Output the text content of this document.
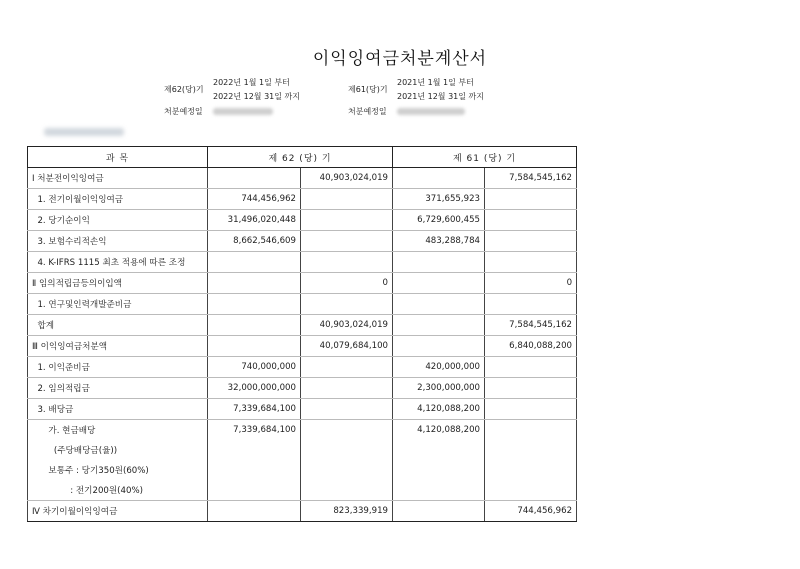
이익잉여금처분계산서
제62(당)기
2022년 1월 1일 부터
2022년 12월 31일 까지
처분예정일
제61(당)기
2021년 1월 1일 부터
2021년 12월 31일 까지
처분예정일
과 목	제 62 (당) 기		제 61 (당) 기	
Ⅰ 처분전이익잉여금		40,903,024,019		7,584,545,162
1. 전기이월이익잉여금	744,456,962		371,655,923	
2. 당기순이익	31,496,020,448		6,729,600,455	
3. 보험수리적손익	8,662,546,609		483,288,784	
4. K-IFRS 1115 최초 적용에 따른 조정				
Ⅱ 임의적립금등의이입액		0		0
1. 연구및인력개발준비금				
합계		40,903,024,019		7,584,545,162
Ⅲ 이익잉여금처분액		40,079,684,100		6,840,088,200
1. 이익준비금	740,000,000		420,000,000	
2. 임의적립금	32,000,000,000		2,300,000,000	
3. 배당금	7,339,684,100		4,120,088,200	
가. 현금배당	7,339,684,100		4,120,088,200	
(주당배당금(율))				
보통주 : 당기350원(60%)				
: 전기200원(40%)				
Ⅳ 차기이월이익잉여금		823,339,919		744,456,962
